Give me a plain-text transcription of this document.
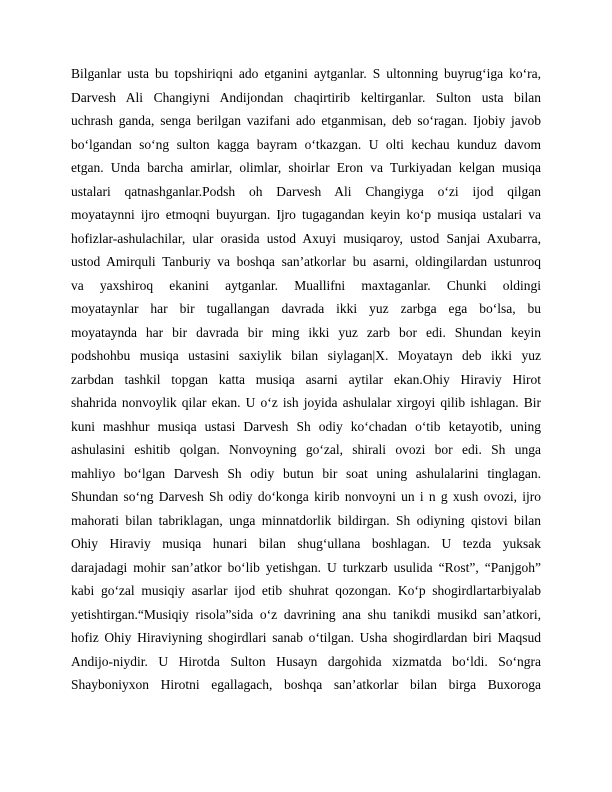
Bilganlar usta bu topshiriqni ado etganini aytganlar. S ultonning buyrugʻiga koʻra,
Darvesh Ali Changiyni Andijondan chaqirtirib keltirganlar. Sulton usta bilan
uchrash ganda, senga berilgan vazifani ado etganmisan, deb soʻragan. Ijobiy javob
boʻlgandan soʻng sulton kagga bayram oʻtkazgan. U olti kechau kunduz davom
etgan. Unda barcha amirlar, olimlar, shoirlar Eron va Turkiyadan kelgan musiqa
ustalari qatnashganlar.Podsh oh Darvesh Ali Changiyga oʻzi ijod qilgan
moyataynni ijro etmoqni buyurgan. Ijro tugagandan keyin koʻp musiqa ustalari va
hofizlar-ashulachilar, ular orasida ustod Axuyi musiqaroy, ustod Sanjai Axubarra,
ustod Amirquli Tanburiy va boshqa sanʼatkorlar bu asarni, oldingilardan ustunroq
va yaxshiroq ekanini aytganlar. Muallifni maxtaganlar. Chunki oldingi
moyataynlar har bir tugallangan davrada ikki yuz zarbga ega boʻlsa, bu
moyataynda har bir davrada bir ming ikki yuz zarb bor edi. Shundan keyin
podshohbu musiqa ustasini saxiylik bilan siylagan|X. Moyatayn deb ikki yuz
zarbdan tashkil topgan katta musiqa asarni aytilar ekan.Ohiy Hiraviy Hirot
shahrida nonvoylik qilar ekan. U oʻz ish joyida ashulalar xirgoyi qilib ishlagan. Bir
kuni mashhur musiqa ustasi Darvesh Sh odiy koʻchadan oʻtib ketayotib, uning
ashulasini eshitib qolgan. Nonvoyning goʻzal, shirali ovozi bor edi. Sh unga
mahliyo boʻlgan Darvesh Sh odiy butun bir soat uning ashulalarini tinglagan.
Shundan soʻng Darvesh Sh odiy doʻkonga kirib nonvoyni un i n g xush ovozi, ijro
mahorati bilan tabriklagan, unga minnatdorlik bildirgan. Sh odiyning qistovi bilan
Ohiy Hiraviy musiqa hunari bilan shugʻullana boshlagan. U tezda yuksak
darajadagi mohir sanʼatkor boʻlib yetishgan. U turkzarb usulida “Rost”, “Panjgoh”
kabi goʻzal musiqiy asarlar ijod etib shuhrat qozongan. Koʻp shogirdlartarbiyalab
yetishtirgan.“Musiqiy risola”sida oʻz davrining ana shu tanikdi musikd sanʼatkori,
hofiz Ohiy Hiraviyning shogirdlari sanab oʻtilgan. Usha shogirdlardan biri Maqsud
Andijo-niydir. U Hirotda Sulton Husayn dargohida xizmatda boʻldi. Soʻngra
Shayboniyxon Hirotni egallagach, boshqa sanʼatkorlar bilan birga Buxoroga
